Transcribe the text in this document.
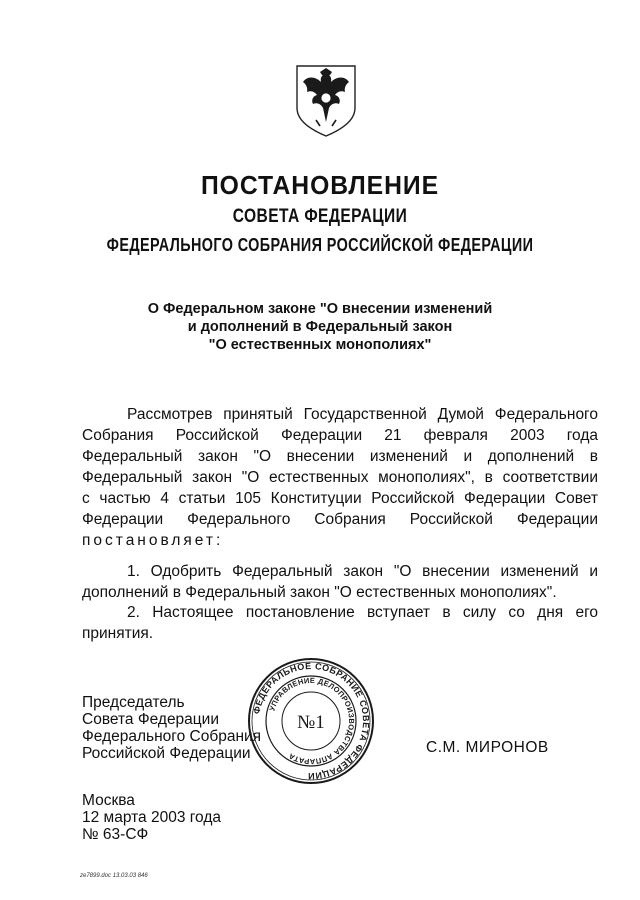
ПОСТАНОВЛЕНИЕ
СОВЕТА ФЕДЕРАЦИИ
ФЕДЕРАЛЬНОГО СОБРАНИЯ РОССИЙСКОЙ ФЕДЕРАЦИИ
О Федеральном законе "О внесении изменений
и дополнений в Федеральный закон
"О естественных монополиях"
Рассмотрев принятый Государственной Думой Федерального
Собрания Российской Федерации 21 февраля 2003 года
Федеральный закон "О внесении изменений и дополнений в
Федеральный закон "О естественных монополиях", в соответствии
с частью 4 статьи 105 Конституции Российской Федерации Совет
Федерации Федерального Собрания Российской Федерации
постановляет:
1. Одобрить Федеральный закон "О внесении изменений и
дополнений в Федеральный закон "О естественных монополиях".
2. Настоящее постановление вступает в силу со дня его
принятия.
Председатель
Совета Федерации
Федерального Собрания
Российской Федерации
ФЕДЕРАЛЬНОЕ СОБРАНИЕ СОВЕТА ФЕДЕРАЦИИ
УПРАВЛЕНИЕ ДЕЛОПРОИЗВОДСТВА АППАРАТА
№1
С.М. МИРОНОВ
Москва
12 марта 2003 года
№ 63-СФ
ze7899.doc 13.03.03 846
